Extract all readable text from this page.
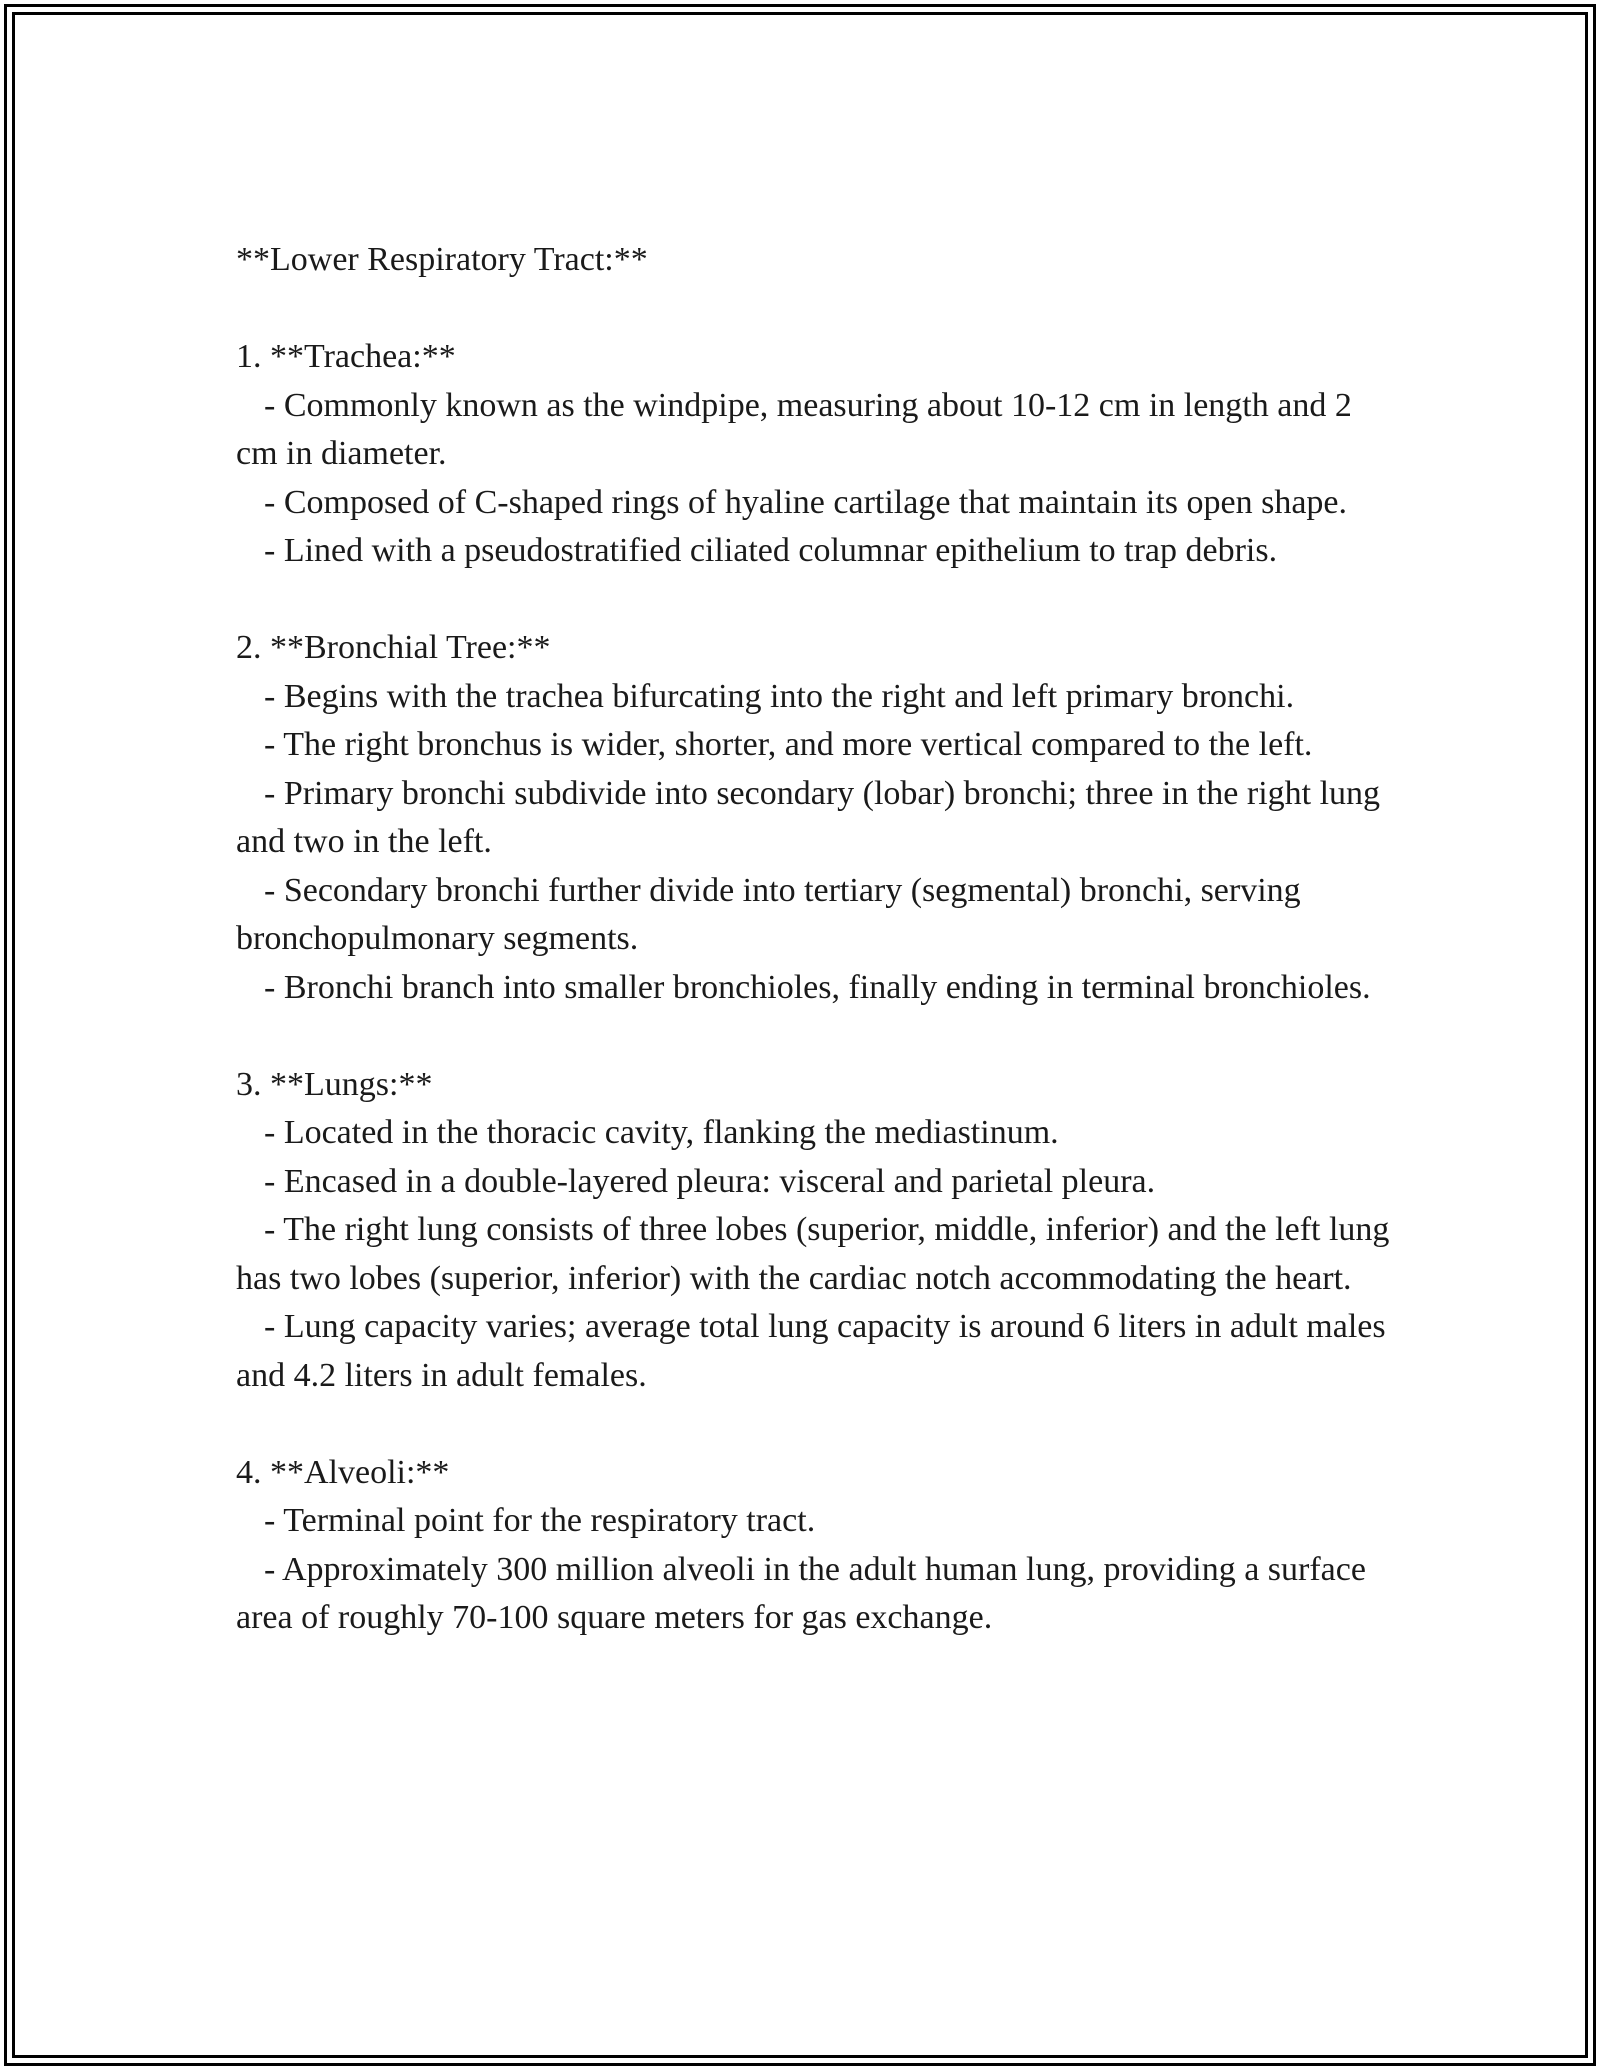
**Lower Respiratory Tract:**

1. **Trachea:**

- Commonly known as the windpipe, measuring about 10-12 cm in length and 2 cm in diameter.

- Composed of C-shaped rings of hyaline cartilage that maintain its open shape.

- Lined with a pseudostratified ciliated columnar epithelium to trap debris.

2. **Bronchial Tree:**

- Begins with the trachea bifurcating into the right and left primary bronchi.

- The right bronchus is wider, shorter, and more vertical compared to the left.

- Primary bronchi subdivide into secondary (lobar) bronchi; three in the right lung and two in the left.

- Secondary bronchi further divide into tertiary (segmental) bronchi, serving bronchopulmonary segments.

- Bronchi branch into smaller bronchioles, finally ending in terminal bronchioles.

3. **Lungs:**

- Located in the thoracic cavity, flanking the mediastinum.

- Encased in a double-layered pleura: visceral and parietal pleura.

- The right lung consists of three lobes (superior, middle, inferior) and the left lung has two lobes (superior, inferior) with the cardiac notch accommodating the heart.

- Lung capacity varies; average total lung capacity is around 6 liters in adult males and 4.2 liters in adult females.

4. **Alveoli:**

- Terminal point for the respiratory tract.

- Approximately 300 million alveoli in the adult human lung, providing a surface area of roughly 70-100 square meters for gas exchange.
